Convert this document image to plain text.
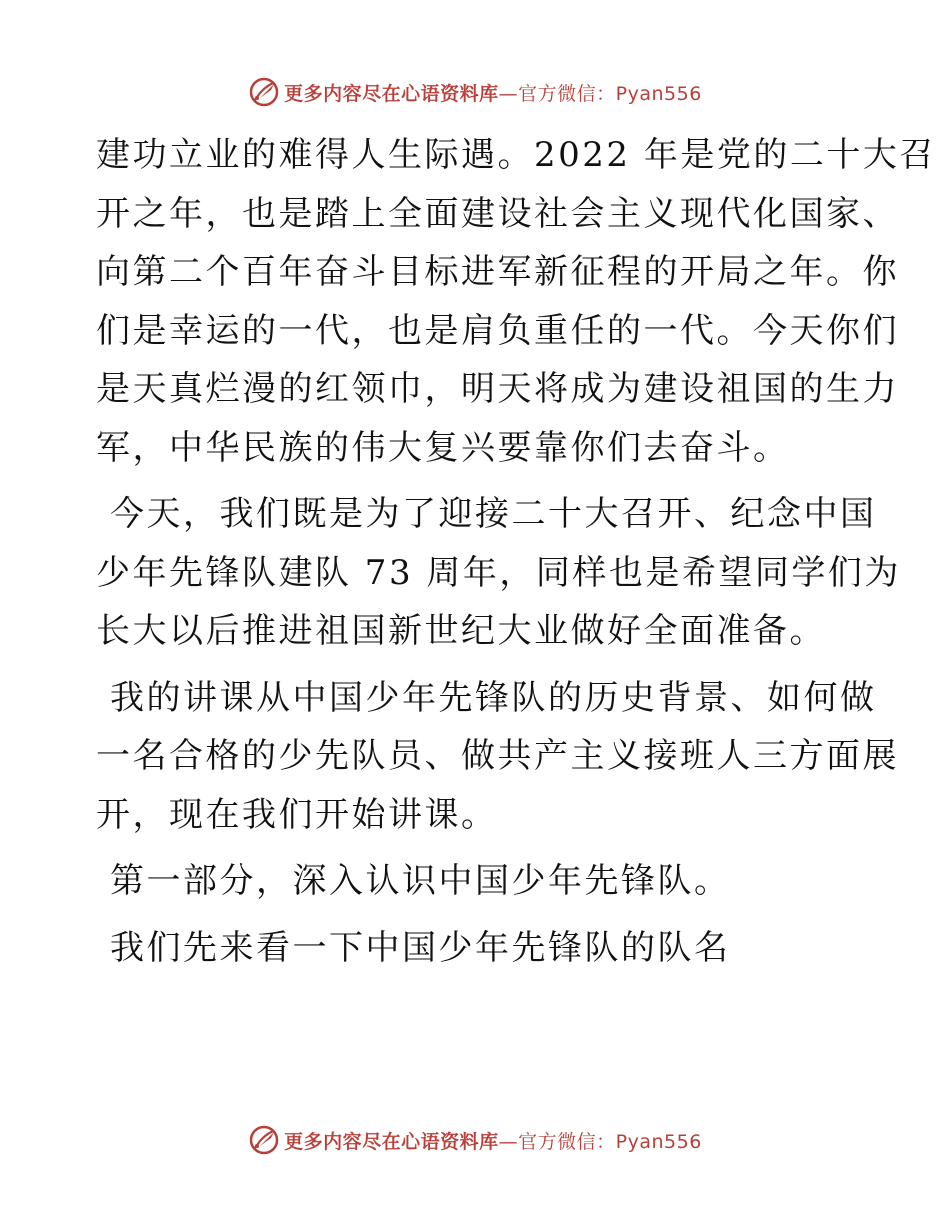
更多内容尽在心语资料库—官方微信：Pyan556

建功立业的难得人生际遇。2022 年是党的二十大召
开之年，也是踏上全面建设社会主义现代化国家、
向第二个百年奋斗目标进军新征程的开局之年。你
们是幸运的一代，也是肩负重任的一代。今天你们
是天真烂漫的红领巾，明天将成为建设祖国的生力
军，中华民族的伟大复兴要靠你们去奋斗。

今天，我们既是为了迎接二十大召开、纪念中国
少年先锋队建队 73 周年，同样也是希望同学们为
长大以后推进祖国新世纪大业做好全面准备。

我的讲课从中国少年先锋队的历史背景、如何做
一名合格的少先队员、做共产主义接班人三方面展
开，现在我们开始讲课。

第一部分，深入认识中国少年先锋队。

我们先来看一下中国少年先锋队的队名

更多内容尽在心语资料库—官方微信：Pyan556
